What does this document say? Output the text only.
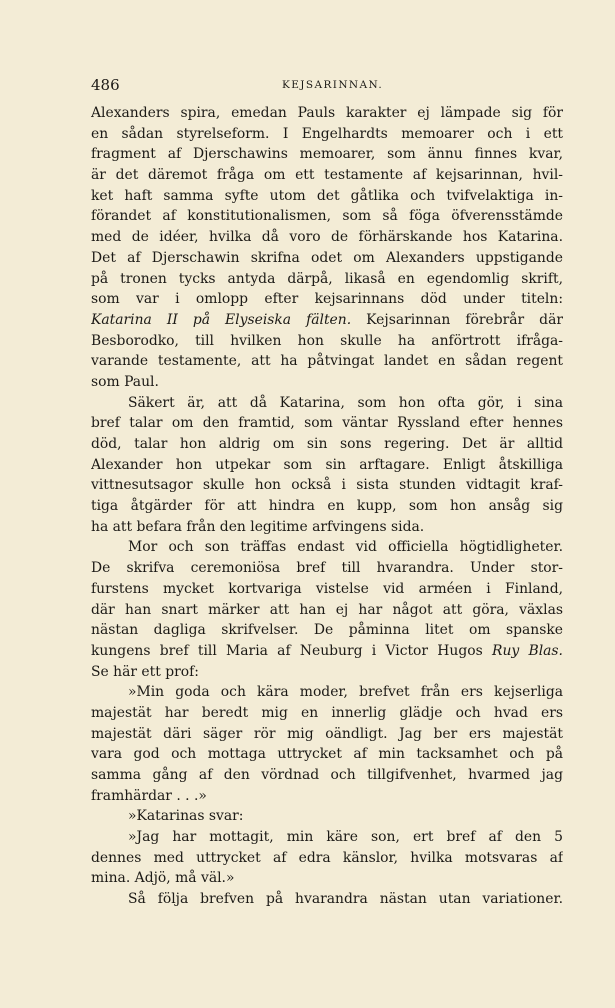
486	KEJSARINNAN.
Alexanders spira, emedan Pauls karakter ej lämpade sig för
en sådan styrelseform. I Engelhardts memoarer och i ett
fragment af Djerschawins memoarer, som ännu finnes kvar,
är det däremot fråga om ett testamente af kejsarinnan, hvil-
ket haft samma syfte utom det gåtlika och tvifvelaktiga in-
förandet af konstitutionalismen, som så föga öfverensstämde
med de idéer, hvilka då voro de förhärskande hos Katarina.
Det af Djerschawin skrifna odet om Alexanders uppstigande
på tronen tycks antyda därpå, likaså en egendomlig skrift,
som var i omlopp efter kejsarinnans död under titeln:
Katarina II på Elyseiska fälten. Kejsarinnan förebrår där
Besborodko, till hvilken hon skulle ha anförtrott ifråga-
varande testamente, att ha påtvingat landet en sådan regent
som Paul.
Säkert är, att då Katarina, som hon ofta gör, i sina
bref talar om den framtid, som väntar Ryssland efter hennes
död, talar hon aldrig om sin sons regering. Det är alltid
Alexander hon utpekar som sin arftagare. Enligt åtskilliga
vittnesutsagor skulle hon också i sista stunden vidtagit kraf-
tiga åtgärder för att hindra en kupp, som hon ansåg sig
ha att befara från den legitime arfvingens sida.
Mor och son träffas endast vid officiella högtidligheter.
De skrifva ceremoniösa bref till hvarandra. Under stor-
furstens mycket kortvariga vistelse vid arméen i Finland,
där han snart märker att han ej har något att göra, växlas
nästan dagliga skrifvelser. De påminna litet om spanske
kungens bref till Maria af Neuburg i Victor Hugos Ruy Blas.
Se här ett prof:
»Min goda och kära moder, brefvet från ers kejserliga
majestät har beredt mig en innerlig glädje och hvad ers
majestät däri säger rör mig oändligt. Jag ber ers majestät
vara god och mottaga uttrycket af min tacksamhet och på
samma gång af den vördnad och tillgifvenhet, hvarmed jag
framhärdar . . .»
»Katarinas svar:
»Jag har mottagit, min käre son, ert bref af den 5
dennes med uttrycket af edra känslor, hvilka motsvaras af
mina. Adjö, må väl.»
Så följa brefven på hvarandra nästan utan variationer.
